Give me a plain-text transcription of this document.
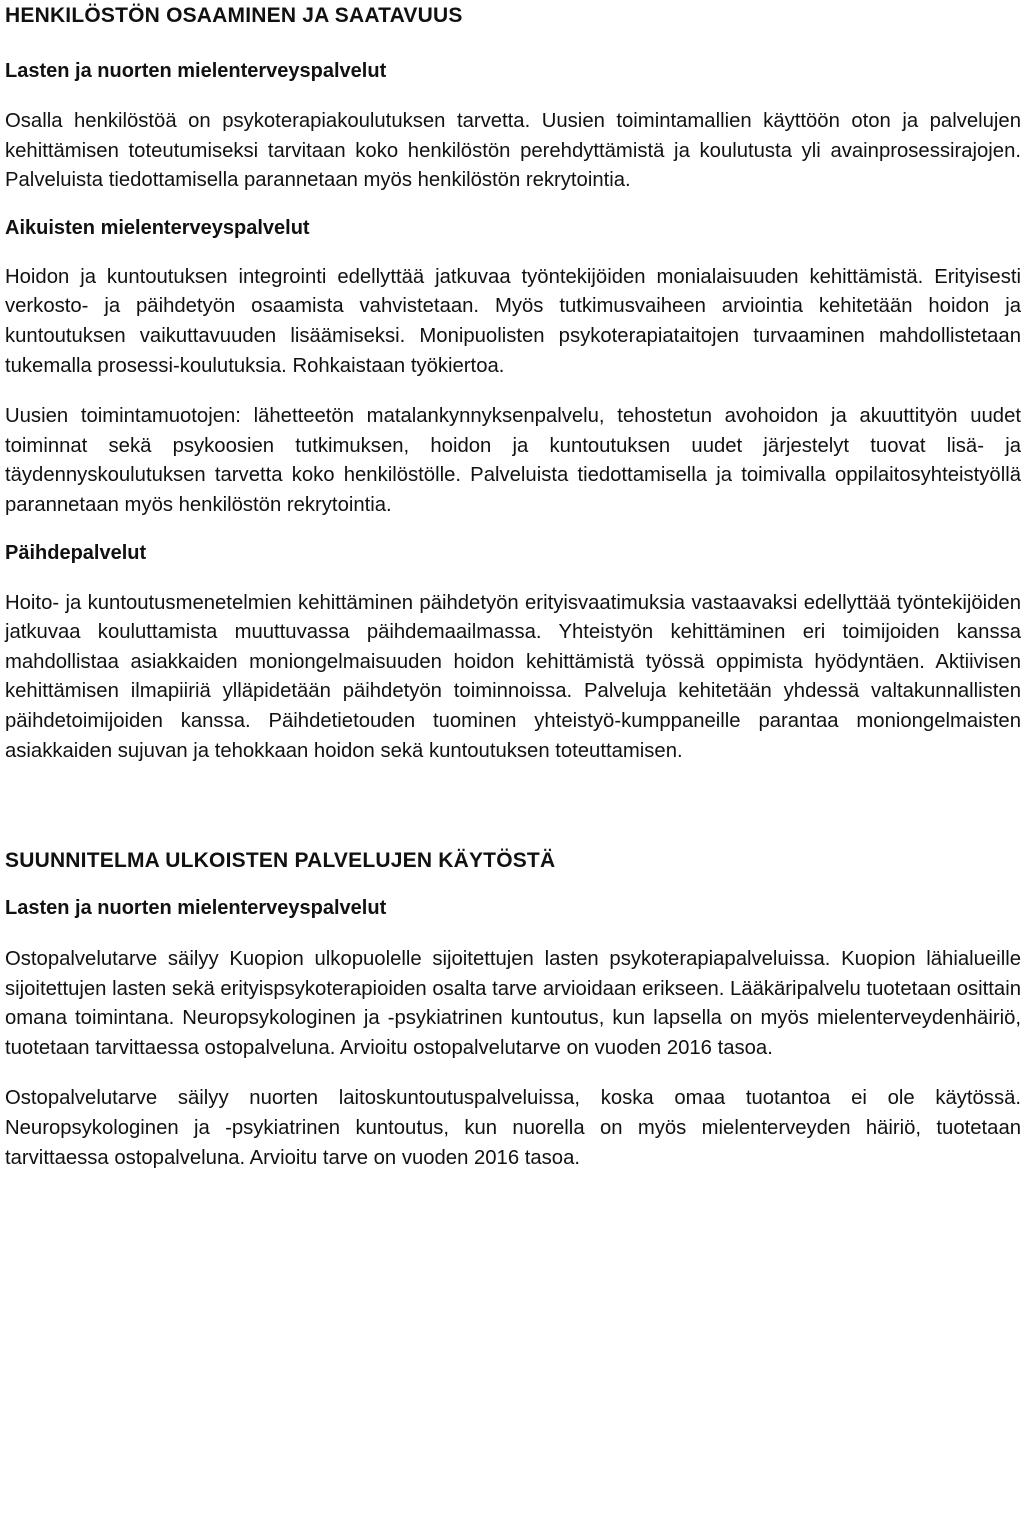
HENKILÖSTÖN OSAAMINEN JA SAATAVUUS
Lasten ja nuorten mielenterveyspalvelut

Osalla henkilöstöä on psykoterapiakoulutuksen tarvetta. Uusien toimintamallien käyttöön oton ja palvelujen kehittämisen toteutumiseksi tarvitaan koko henkilöstön perehdyttämistä ja koulutusta yli avainprosessirajojen. Palveluista tiedottamisella parannetaan myös henkilöstön rekrytointia.

Aikuisten mielenterveyspalvelut

Hoidon ja kuntoutuksen integrointi edellyttää jatkuvaa työntekijöiden monialaisuuden kehittämistä. Erityisesti verkosto- ja päihdetyön osaamista vahvistetaan. Myös tutkimusvaiheen arviointia kehitetään hoidon ja kuntoutuksen vaikuttavuuden lisäämiseksi. Monipuolisten psykoterapiataitojen turvaaminen mahdollistetaan tukemalla prosessi-koulutuksia. Rohkaistaan työkiertoa.

Uusien toimintamuotojen: lähetteetön matalankynnyksenpalvelu, tehostetun avohoidon ja akuuttityön uudet toiminnat sekä psykoosien tutkimuksen, hoidon ja kuntoutuksen uudet järjestelyt tuovat lisä- ja täydennyskoulutuksen tarvetta koko henkilöstölle. Palveluista tiedottamisella ja toimivalla oppilaitosyhteistyöllä parannetaan myös henkilöstön rekrytointia.

Päihdepalvelut

Hoito- ja kuntoutusmenetelmien kehittäminen päihdetyön erityisvaatimuksia vastaavaksi edellyttää työntekijöiden jatkuvaa kouluttamista muuttuvassa päihdemaailmassa. Yhteistyön kehittäminen eri toimijoiden kanssa mahdollistaa asiakkaiden moniongelmaisuuden hoidon kehittämistä työssä oppimista hyödyntäen. Aktiivisen kehittämisen ilmapiiriä ylläpidetään päihdetyön toiminnoissa. Palveluja kehitetään yhdessä valtakunnallisten päihdetoimijoiden kanssa. Päihdetietouden tuominen yhteistyö-kumppaneille parantaa moniongelmaisten asiakkaiden sujuvan ja tehokkaan hoidon sekä kuntoutuksen toteuttamisen.

SUUNNITELMA ULKOISTEN PALVELUJEN KÄYTÖSTÄ
Lasten ja nuorten mielenterveyspalvelut

Ostopalvelutarve säilyy Kuopion ulkopuolelle sijoitettujen lasten psykoterapiapalveluissa. Kuopion lähialueille sijoitettujen lasten sekä erityispsykoterapioiden osalta tarve arvioidaan erikseen. Lääkäripalvelu tuotetaan osittain omana toimintana. Neuropsykologinen ja -psykiatrinen kuntoutus, kun lapsella on myös mielenterveydenhäiriö, tuotetaan tarvittaessa ostopalveluna. Arvioitu ostopalvelutarve on vuoden 2016 tasoa.

Ostopalvelutarve säilyy nuorten laitoskuntoutuspalveluissa, koska omaa tuotantoa ei ole käytössä. Neuropsykologinen ja -psykiatrinen kuntoutus, kun nuorella on myös mielenterveyden häiriö, tuotetaan tarvittaessa ostopalveluna. Arvioitu tarve on vuoden 2016 tasoa.
